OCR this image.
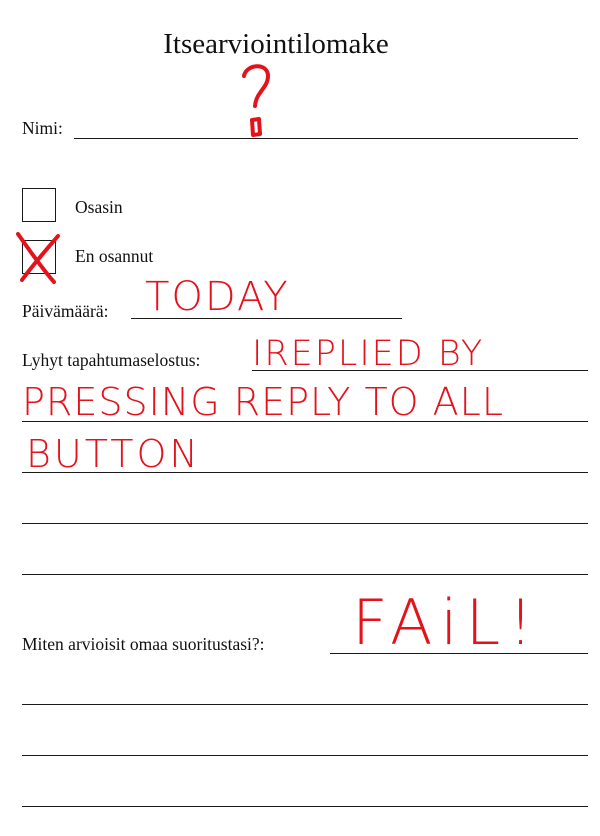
Itsearviointilomake
Nimi:
Osasin
En osannut
Päivämäärä: TODAY
Lyhyt tapahtumaselostus: IREPLIED BY
PRESSING REPLY TO ALL
BUTTON
Miten arvioisit omaa suoritustasi?: FAiL!
